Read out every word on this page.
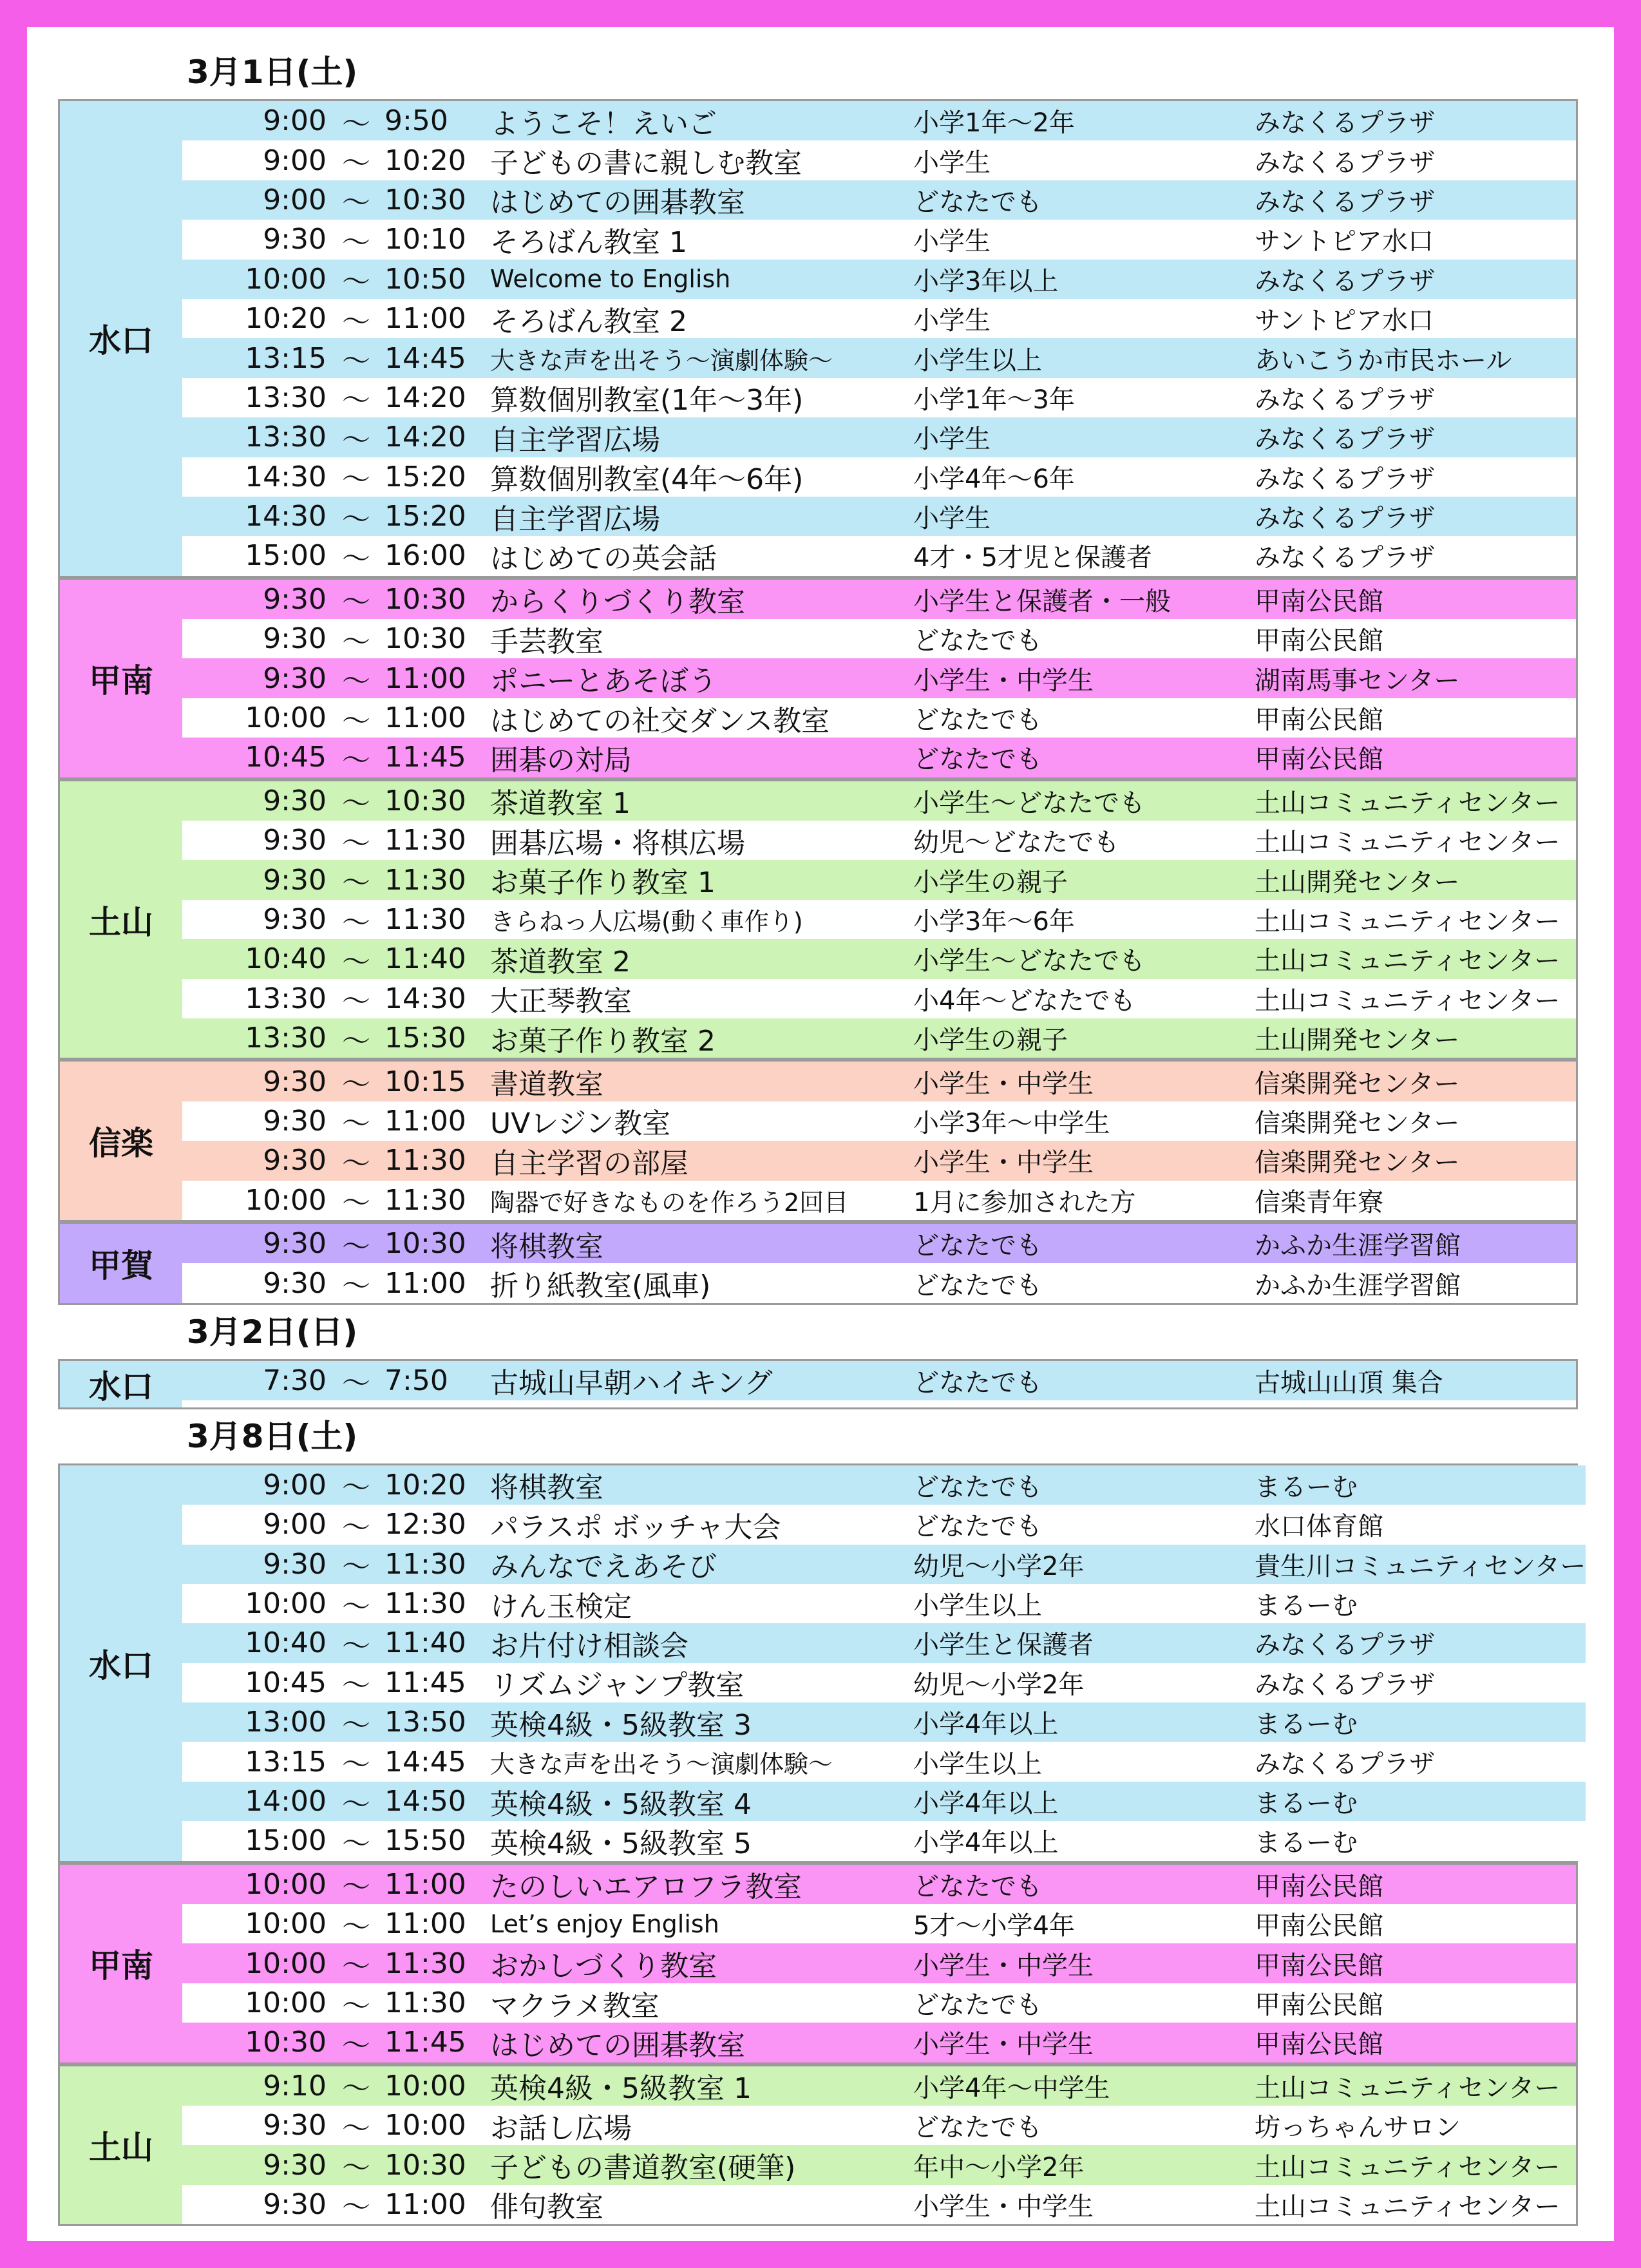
3月1日(土)
水口
9:00 ～ 9:50	ようこそ！えいご	小学1年～2年	みなくるプラザ
9:00 ～ 10:20 子どもの書に親しむ教室	小学生	みなくるプラザ
9:00 ～ 10:30 はじめての囲碁教室	どなたでも	みなくるプラザ
9:30 ～ 10:10 そろばん教室 1	小学生	サントピア水口
10:00 ～ 10:50 Welcome to English	小学3年以上	みなくるプラザ
10:20 ～ 11:00 そろばん教室 2	小学生	サントピア水口
13:15 ～ 14:45 大きな声を出そう～演劇体験～	小学生以上	あいこうか市民ホール
13:30 ～ 14:20 算数個別教室(1年～3年)	小学1年～3年	みなくるプラザ
13:30 ～ 14:20 自主学習広場	小学生	みなくるプラザ
14:30 ～ 15:20 算数個別教室(4年～6年)	小学4年～6年	みなくるプラザ
14:30 ～ 15:20 自主学習広場	小学生	みなくるプラザ
15:00 ～ 16:00 はじめての英会話	4才・5才児と保護者	みなくるプラザ
甲南
9:30 ～ 10:30 からくりづくり教室	小学生と保護者・一般	甲南公民館
9:30 ～ 10:30 手芸教室	どなたでも	甲南公民館
9:30 ～ 11:00 ポニーとあそぼう	小学生・中学生	湖南馬事センター
10:00 ～ 11:00 はじめての社交ダンス教室	どなたでも	甲南公民館
10:45 ～ 11:45 囲碁の対局	どなたでも	甲南公民館
土山
9:30 ～ 10:30 茶道教室 1	小学生～どなたでも	土山コミュニティセンター
9:30 ～ 11:30 囲碁広場・将棋広場	幼児～どなたでも	土山コミュニティセンター
9:30 ～ 11:30 お菓子作り教室 1	小学生の親子	土山開発センター
9:30 ～ 11:30 きらねっ人広場(動く車作り)	小学3年～6年	土山コミュニティセンター
10:40 ～ 11:40 茶道教室 2	小学生～どなたでも	土山コミュニティセンター
13:30 ～ 14:30 大正琴教室	小4年～どなたでも	土山コミュニティセンター
13:30 ～ 15:30 お菓子作り教室 2	小学生の親子	土山開発センター
信楽
9:30 ～ 10:15 書道教室	小学生・中学生	信楽開発センター
9:30 ～ 11:00 UVレジン教室	小学3年～中学生	信楽開発センター
9:30 ～ 11:30 自主学習の部屋	小学生・中学生	信楽開発センター
10:00 ～ 11:30 陶器で好きなものを作ろう2回目	1月に参加された方	信楽青年寮
甲賀
9:30 ～ 10:30 将棋教室	どなたでも	かふか生涯学習館
9:30 ～ 11:00 折り紙教室(風車)	どなたでも	かふか生涯学習館
3月2日(日)
水口	7:30 ～ 7:50	古城山早朝ハイキング	どなたでも	古城山山頂 集合
3月8日(土)
水口
9:00 ～ 10:20 将棋教室	どなたでも	まるーむ
9:00 ～ 12:30 パラスポ ボッチャ大会	どなたでも	水口体育館
9:30 ～ 11:30 みんなでえあそび	幼児～小学2年	貴生川コミュニティセンター
10:00 ～ 11:30 けん玉検定	小学生以上	まるーむ
10:40 ～ 11:40 お片付け相談会	小学生と保護者	みなくるプラザ
10:45 ～ 11:45 リズムジャンプ教室	幼児～小学2年	みなくるプラザ
13:00 ～ 13:50 英検4級・5級教室 3	小学4年以上	まるーむ
13:15 ～ 14:45 大きな声を出そう～演劇体験～	小学生以上	みなくるプラザ
14:00 ～ 14:50 英検4級・5級教室 4	小学4年以上	まるーむ
15:00 ～ 15:50 英検4級・5級教室 5	小学4年以上	まるーむ
甲南
10:00 ～ 11:00 たのしいエアロフラ教室	どなたでも	甲南公民館
10:00 ～ 11:00 Let’s enjoy English	5才～小学4年	甲南公民館
10:00 ～ 11:30 おかしづくり教室	小学生・中学生	甲南公民館
10:00 ～ 11:30 マクラメ教室	どなたでも	甲南公民館
10:30 ～ 11:45 はじめての囲碁教室	小学生・中学生	甲南公民館
土山
9:10 ～ 10:00 英検4級・5級教室 1	小学4年～中学生	土山コミュニティセンター
9:30 ～ 10:00 お話し広場	どなたでも	坊っちゃんサロン
9:30 ～ 10:30 子どもの書道教室(硬筆)	年中～小学2年	土山コミュニティセンター
9:30 ～ 11:00 俳句教室	小学生・中学生	土山コミュニティセンター
